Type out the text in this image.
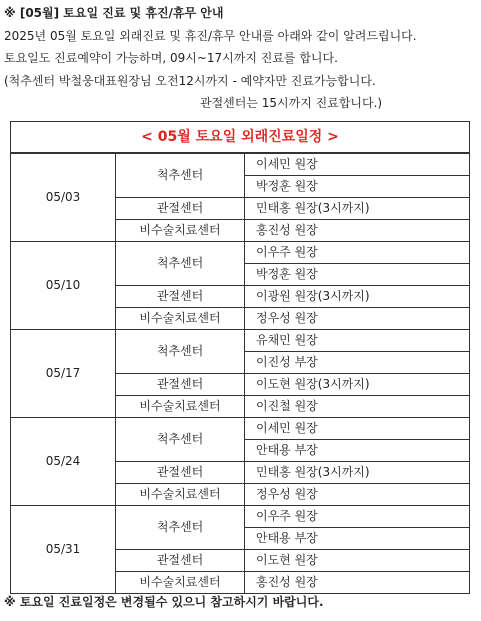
※ [05월] 토요일 진료 및 휴진/휴무 안내
2025년 05월 토요일 외래진료 및 휴진/휴무 안내를 아래와 같이 알려드립니다.
토요일도 진료예약이 가능하며, 09시~17시까지 진료를 합니다.
(척추센터 박철웅대표원장님 오전12시까지 - 예약자만 진료가능합니다.
관절센터는 15시까지 진료합니다.)
< 05월 토요일 외래진료일정 >		
05/03	척추센터	이세민 원장
		박정훈 원장
	관절센터	민태홍 원장(3시까지)
	비수술치료센터	홍진성 원장
05/10	척추센터	이우주 원장
		박정훈 원장
	관절센터	이광원 원장(3시까지)
	비수술치료센터	정우성 원장
05/17	척추센터	유채민 원장
		이진성 부장
	관절센터	이도현 원장(3시까지)
	비수술치료센터	이진철 원장
05/24	척추센터	이세민 원장
		안태용 부장
	관절센터	민태홍 원장(3시까지)
	비수술치료센터	정우성 원장
05/31	척추센터	이우주 원장
		안태용 부장
	관절센터	이도현 원장
	비수술치료센터	홍진성 원장
※ 토요일 진료일정은 변경될수 있으니 참고하시기 바랍니다.
